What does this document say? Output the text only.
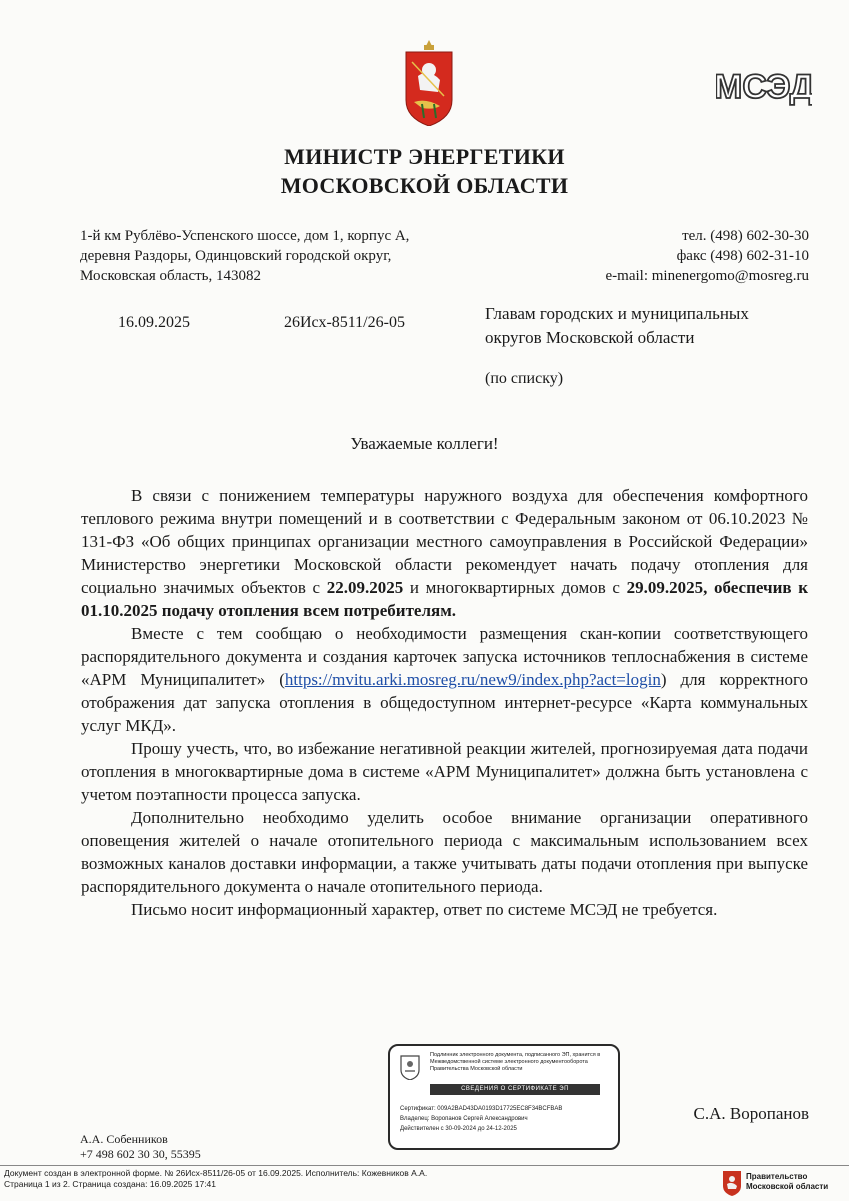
МСЭД
МИНИСТР ЭНЕРГЕТИКИ
МОСКОВСКОЙ ОБЛАСТИ
1-й км Рублёво-Успенского шоссе, дом 1, корпус А,
деревня Раздоры, Одинцовский городской округ,
Московская область, 143082
тел. (498) 602-30-30
факс (498) 602-31-10
e-mail: minenergomo@mosreg.ru
16.09.2025	26Исх-8511/26-05	Главам городских и муниципальных
округов Московской области
(по списку)
Уважаемые коллеги!

В связи с понижением температуры наружного воздуха для обеспечения комфортного теплового режима внутри помещений и в соответствии с Федеральным законом от 06.10.2023 № 131-ФЗ «Об общих принципах организации местного самоуправления в Российской Федерации» Министерство энергетики Московской области рекомендует начать подачу отопления для социально значимых объектов с 22.09.2025 и многоквартирных домов с 29.09.2025, обеспечив к 01.10.2025 подачу отопления всем потребителям.

Вместе с тем сообщаю о необходимости размещения скан-копии соответствующего распорядительного документа и создания карточек запуска источников теплоснабжения в системе «АРМ Муниципалитет» (https://mvitu.arki.mosreg.ru/new9/index.php?act=login) для корректного отображения дат запуска отопления в общедоступном интернет-ресурсе «Карта коммунальных услуг МКД».

Прошу учесть, что, во избежание негативной реакции жителей, прогнозируемая дата подачи отопления в многоквартирные дома в системе «АРМ Муниципалитет» должна быть установлена с учетом поэтапности процесса запуска.

Дополнительно необходимо уделить особое внимание организации оперативного оповещения жителей о начале отопительного периода с максимальным использованием всех возможных каналов доставки информации, а также учитывать даты подачи отопления при выпуске распорядительного документа о начале отопительного периода.

Письмо носит информационный характер, ответ по системе МСЭД не требуется.

Подлинник электронного документа, подписанного ЭП, хранится в Межведомственной системе электронного документооборота Правительства Московской области
СВЕДЕНИЯ О СЕРТИФИКАТЕ ЭП
Сертификат: 009A2BAD43DA0193D17725EC8F34BCFBAB
Владелец: Воропанов Сергей Александрович
Действителен с 30-09-2024 до 24-12-2025
С.А. Воропанов
А.А. Собенников
+7 498 602 30 30, 55395
Документ создан в электронной форме. № 26Исх-8511/26-05 от 16.09.2025. Исполнитель: Кожевников А.А.
Страница 1 из 2. Страница создана: 16.09.2025 17:41
Правительство
Московской области
